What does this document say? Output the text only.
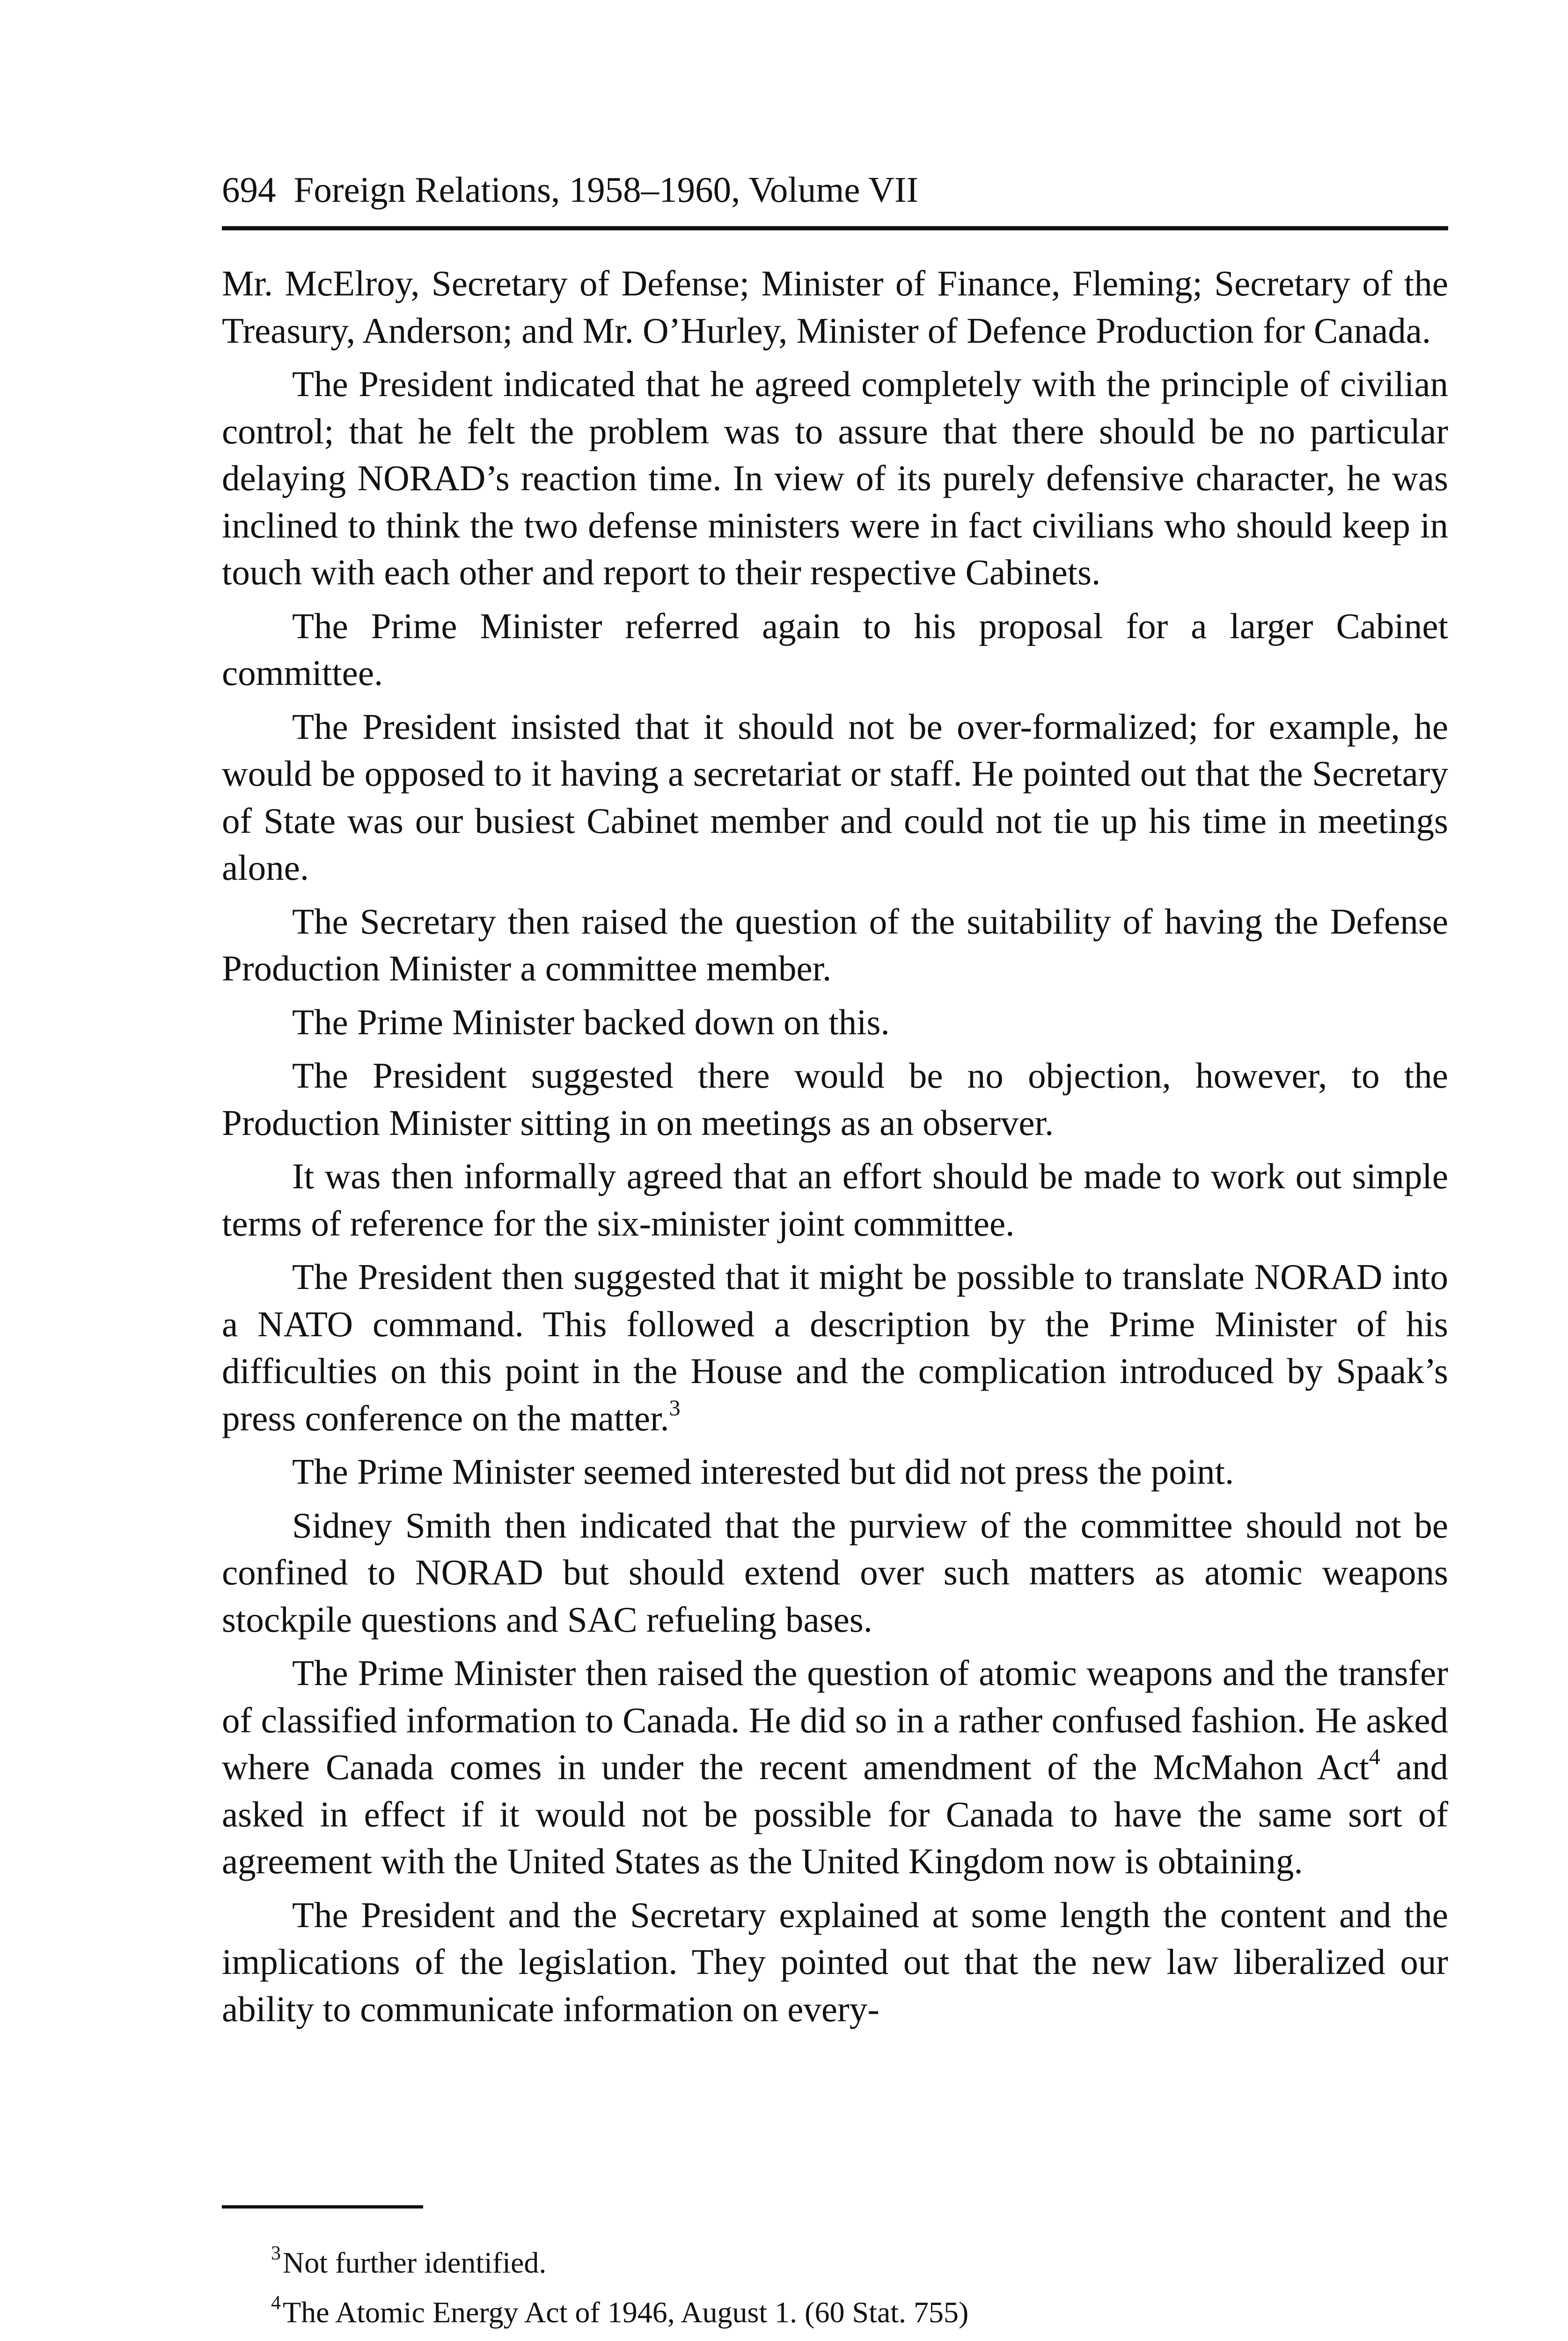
694 Foreign Relations, 1958–1960, Volume VII

Mr. McElroy, Secretary of Defense; Minister of Finance, Fleming; Secretary of the Treasury, Anderson; and Mr. O’Hurley, Minister of Defence Production for Canada.

The President indicated that he agreed completely with the principle of civilian control; that he felt the problem was to assure that there should be no particular delaying NORAD’s reaction time. In view of its purely defensive character, he was inclined to think the two defense ministers were in fact civilians who should keep in touch with each other and report to their respective Cabinets.

The Prime Minister referred again to his proposal for a larger Cabinet committee.

The President insisted that it should not be over-formalized; for example, he would be opposed to it having a secretariat or staff. He pointed out that the Secretary of State was our busiest Cabinet member and could not tie up his time in meetings alone.

The Secretary then raised the question of the suitability of having the Defense Production Minister a committee member.

The Prime Minister backed down on this.

The President suggested there would be no objection, however, to the Production Minister sitting in on meetings as an observer.

It was then informally agreed that an effort should be made to work out simple terms of reference for the six-minister joint committee.

The President then suggested that it might be possible to translate NORAD into a NATO command. This followed a description by the Prime Minister of his difficulties on this point in the House and the complication introduced by Spaak’s press conference on the matter.$^3$

The Prime Minister seemed interested but did not press the point.

Sidney Smith then indicated that the purview of the committee should not be confined to NORAD but should extend over such matters as atomic weapons stockpile questions and SAC refueling bases.

The Prime Minister then raised the question of atomic weapons and the transfer of classified information to Canada. He did so in a rather confused fashion. He asked where Canada comes in under the recent amendment of the McMahon Act$^4$ and asked in effect if it would not be possible for Canada to have the same sort of agreement with the United States as the United Kingdom now is obtaining.

The President and the Secretary explained at some length the content and the implications of the legislation. They pointed out that the new law liberalized our ability to communicate information on every-

$^3$Not further identified.
$^4$The Atomic Energy Act of 1946, August 1. (60 Stat. 755)
